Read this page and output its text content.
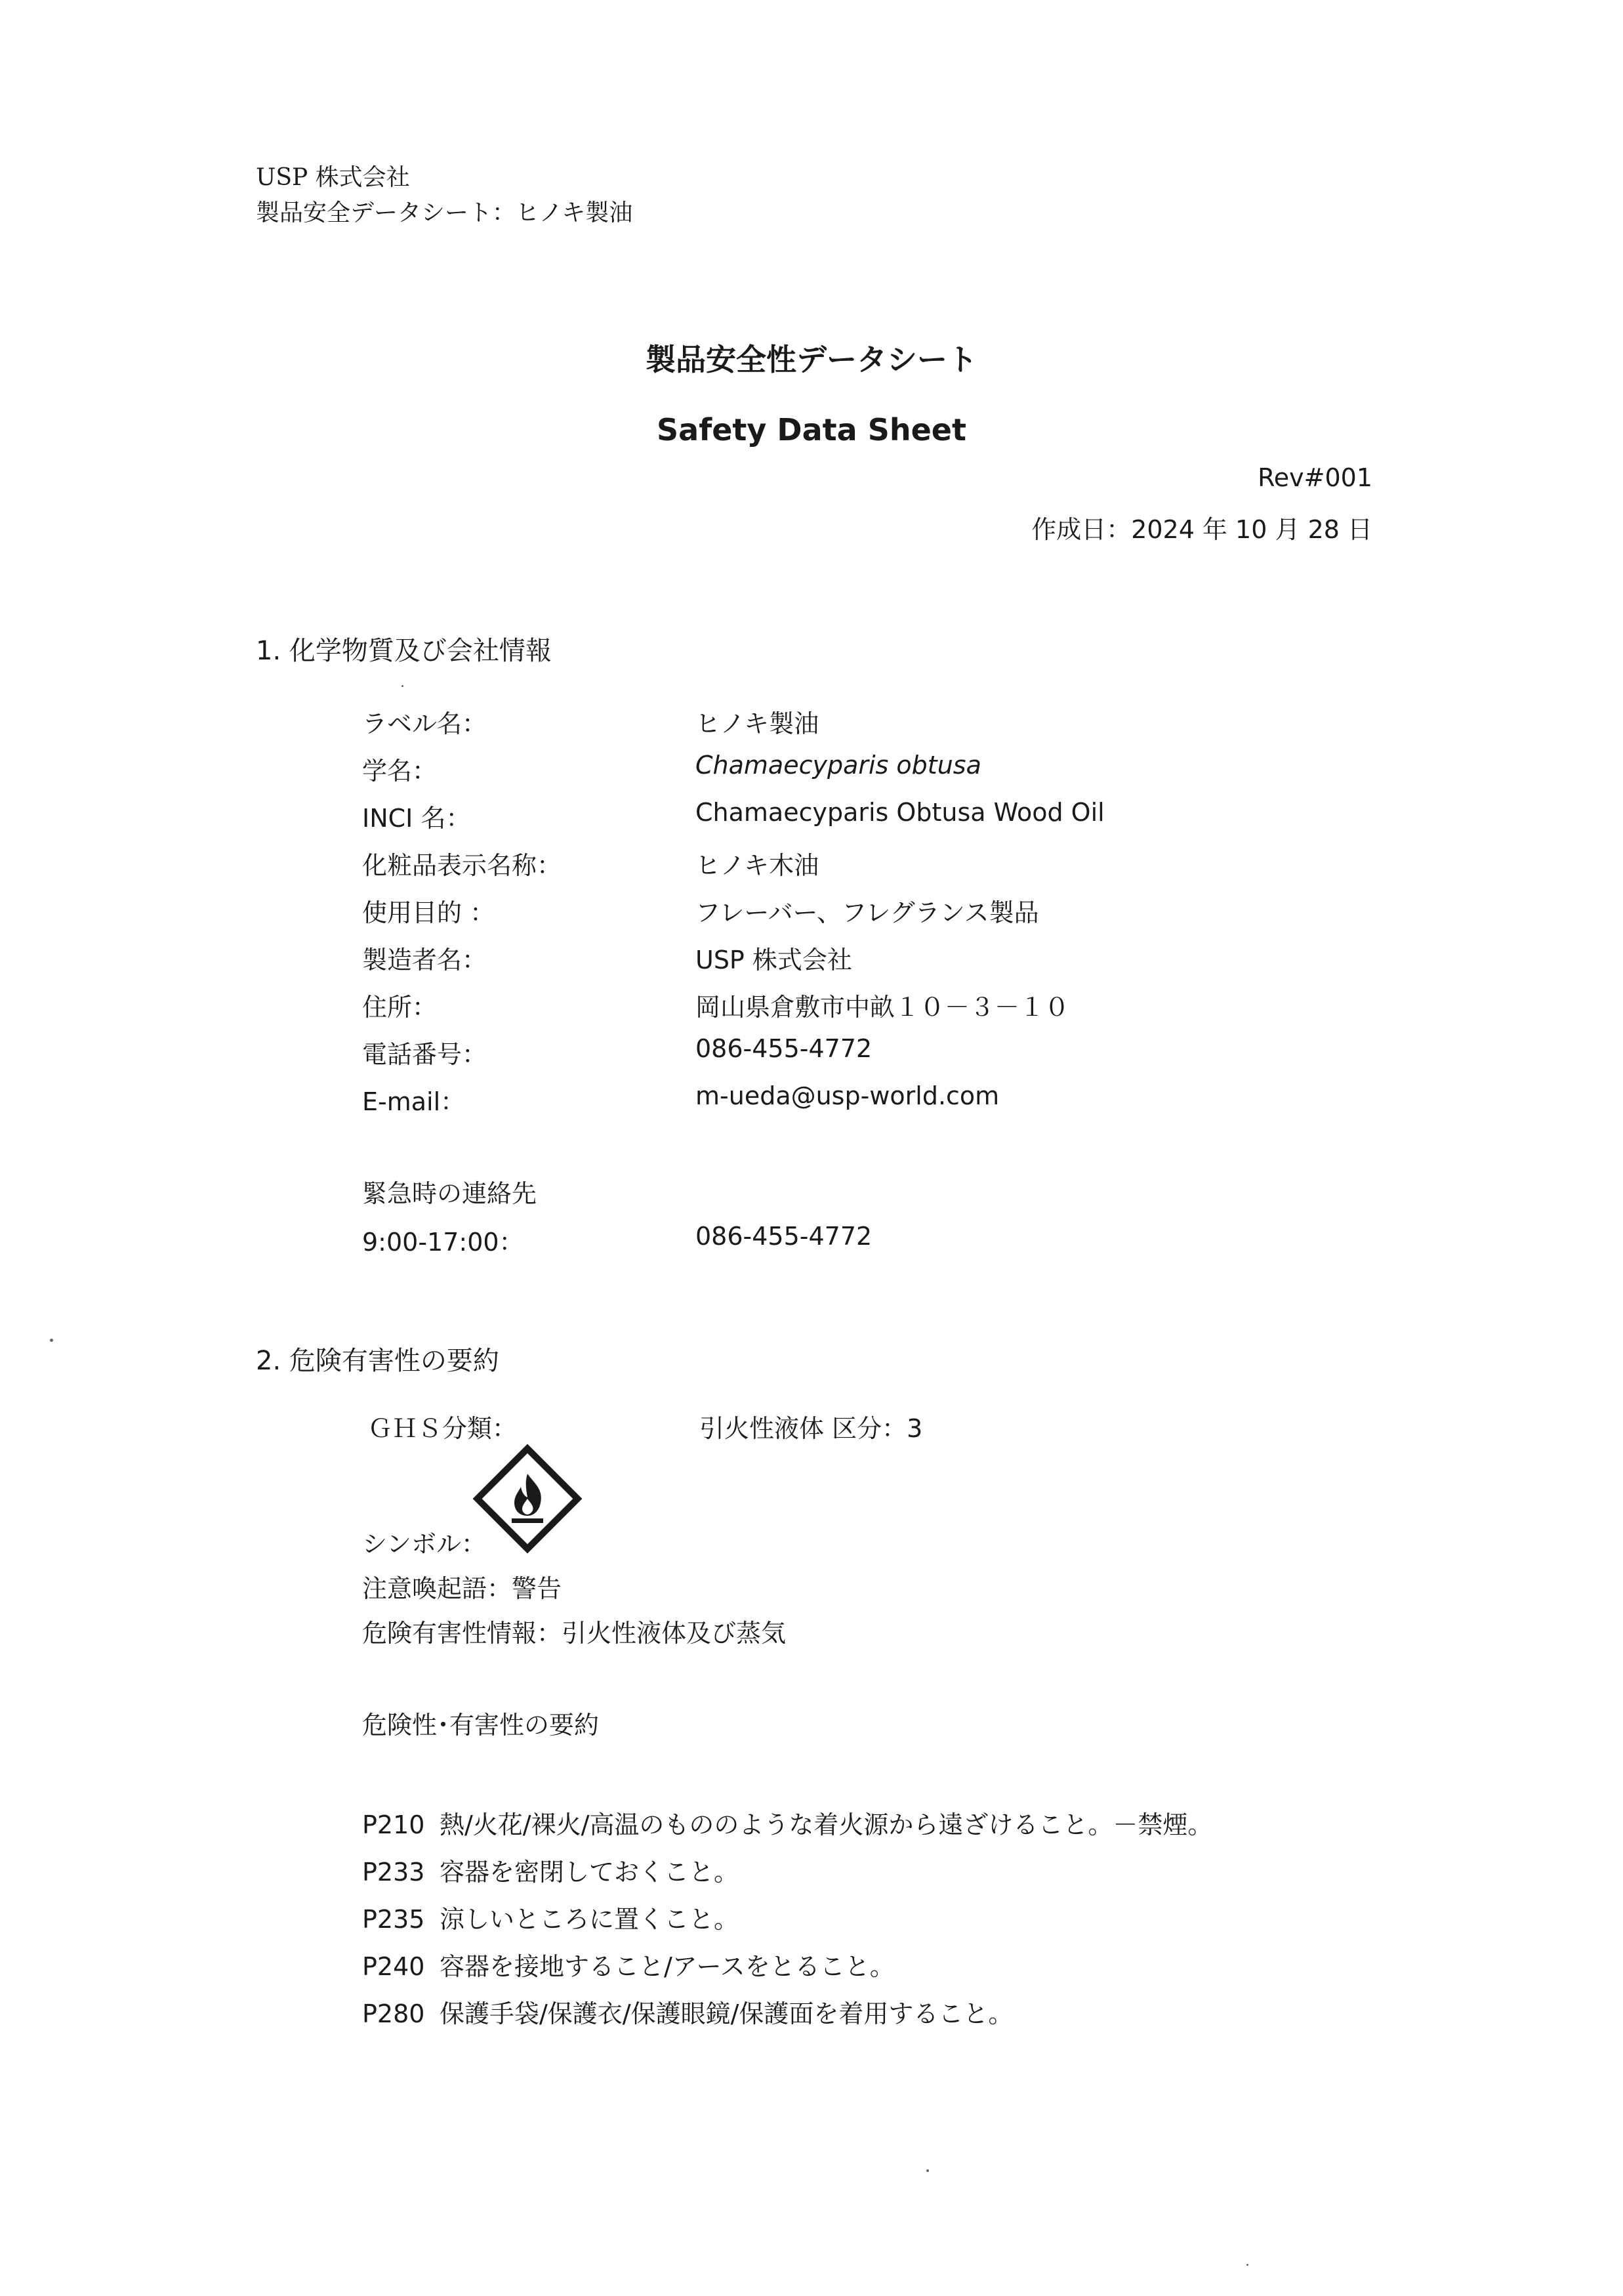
USP 株式会社
製品安全データシート：ヒノキ製油
製品安全性データシート
Safety Data Sheet
Rev#001
作成日：2024 年 10 月 28 日
1. 化学物質及び会社情報
ラベル名：	ヒノキ製油
学名：	Chamaecyparis obtusa
INCI 名：	Chamaecyparis Obtusa Wood Oil
化粧品表示名称：	ヒノキ木油
使用目的 ：	フレーバー、フレグランス製品
製造者名：	USP 株式会社
住所：	岡山県倉敷市中畝１０－３－１０
電話番号：	086-455-4772
E-mail：	m-ueda@usp-world.com
緊急時の連絡先
9:00-17:00：	086-455-4772
2. 危険有害性の要約
ＧＨＳ分類：	引火性液体 区分：3
シンボル：
注意喚起語：警告
危険有害性情報：引火性液体及び蒸気
危険性･有害性の要約
P210 熱/火花/裸火/高温のもののような着火源から遠ざけること。－禁煙。
P233 容器を密閉しておくこと。
P235 涼しいところに置くこと。
P240 容器を接地すること/アースをとること。
P280 保護手袋/保護衣/保護眼鏡/保護面を着用すること。
